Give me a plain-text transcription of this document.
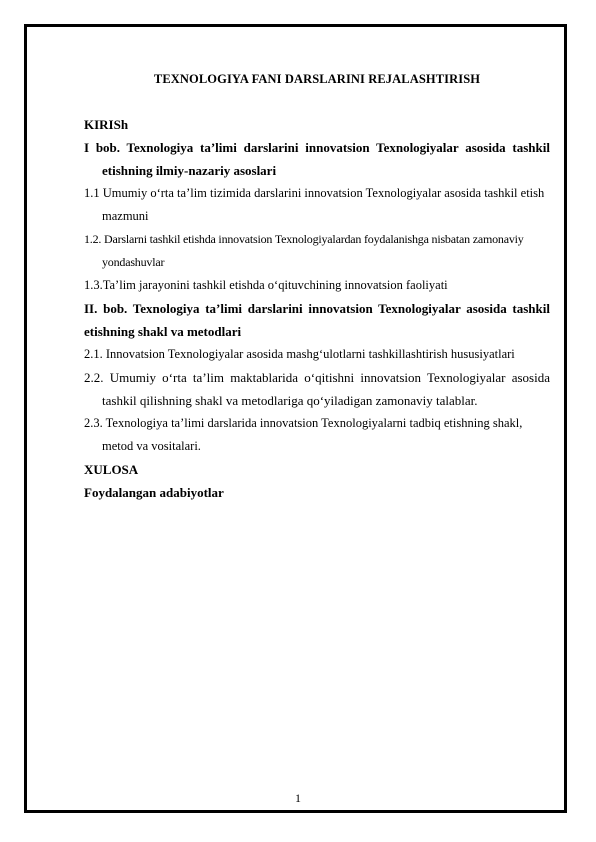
TEXNOLOGIYA FANI DARSLARINI REJALASHTIRISH

KIRISh

I bob. Texnologiya ta’limi darslarini innovatsion Texnologiyalar asosida tashkil etishning ilmiy-nazariy asoslari

1.1 Umumiy o‘rta ta’lim tizimida darslarini innovatsion Texnologiyalar asosida tashkil etish mazmuni

1.2. Darslarni tashkil etishda innovatsion Texnologiyalardan foydalanishga nisbatan zamonaviy yondashuvlar

1.3.Ta’lim jarayonini tashkil etishda o‘qituvchining innovatsion faoliyati

II. bob. Texnologiya ta’limi darslarini innovatsion Texnologiyalar asosida tashkil etishning shakl va metodlari

2.1. Innovatsion Texnologiyalar asosida mashg‘ulotlarni tashkillashtirish hususiyatlari

2.2. Umumiy o‘rta ta’lim maktablarida o‘qitishni innovatsion Texnologiyalar asosida tashkil qilishning shakl va metodlariga qo‘yiladigan zamonaviy talablar.

2.3. Texnologiya ta’limi darslarida innovatsion Texnologiyalarni tadbiq etishning shakl, metod va vositalari.

XULOSA

Foydalangan adabiyotlar

1
